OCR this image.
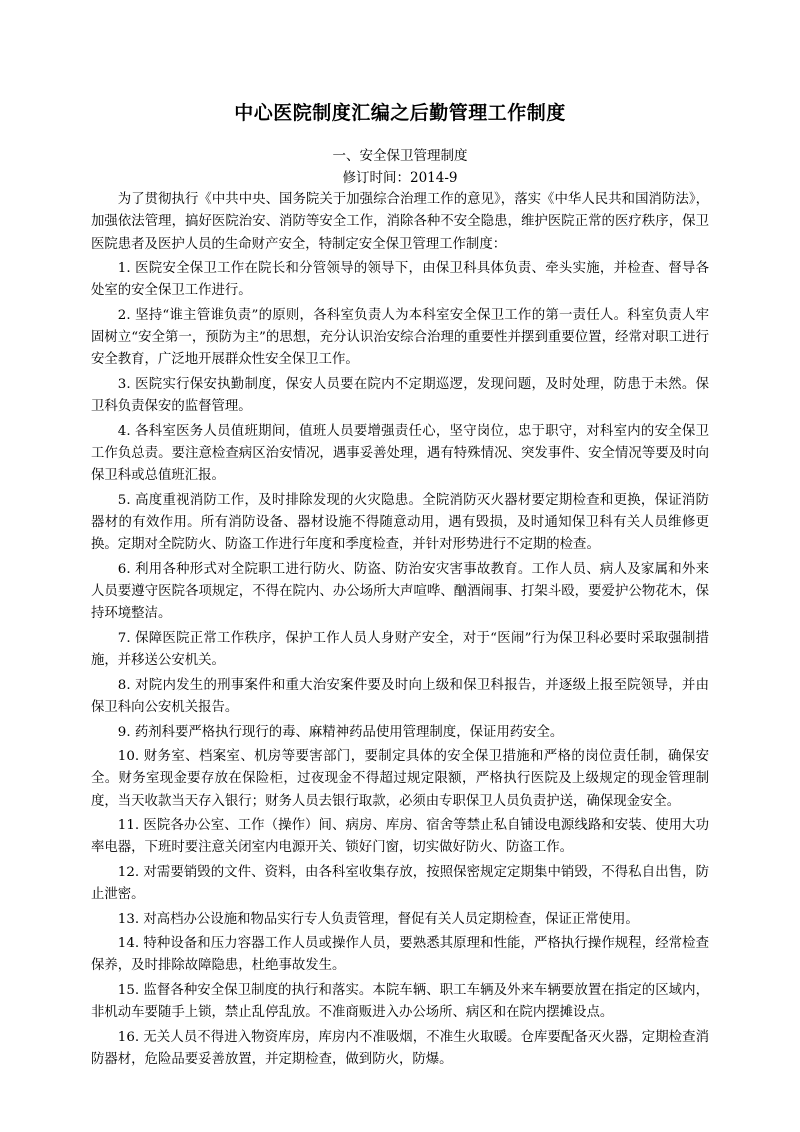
中心医院制度汇编之后勤管理工作制度
一、安全保卫管理制度
修订时间：2014-9

为了贯彻执行《中共中央、国务院关于加强综合治理工作的意见》，落实《中华人民共和国消防法》，加强依法管理，搞好医院治安、消防等安全工作，消除各种不安全隐患，维护医院正常的医疗秩序，保卫医院患者及医护人员的生命财产安全，特制定安全保卫管理工作制度：

1. 医院安全保卫工作在院长和分管领导的领导下，由保卫科具体负责、牵头实施，并检查、督导各处室的安全保卫工作进行。

2. 坚持“谁主管谁负责”的原则，各科室负责人为本科室安全保卫工作的第一责任人。科室负责人牢固树立“安全第一，预防为主”的思想，充分认识治安综合治理的重要性并摆到重要位置，经常对职工进行安全教育，广泛地开展群众性安全保卫工作。

3. 医院实行保安执勤制度，保安人员要在院内不定期巡逻，发现问题，及时处理，防患于未然。保卫科负责保安的监督管理。

4. 各科室医务人员值班期间，值班人员要增强责任心，坚守岗位，忠于职守，对科室内的安全保卫工作负总责。要注意检查病区治安情况，遇事妥善处理，遇有特殊情况、突发事件、安全情况等要及时向保卫科或总值班汇报。

5. 高度重视消防工作，及时排除发现的火灾隐患。全院消防灭火器材要定期检查和更换，保证消防器材的有效作用。所有消防设备、器材设施不得随意动用，遇有毁损，及时通知保卫科有关人员维修更换。定期对全院防火、防盗工作进行年度和季度检查，并针对形势进行不定期的检查。

6. 利用各种形式对全院职工进行防火、防盗、防治安灾害事故教育。工作人员、病人及家属和外来人员要遵守医院各项规定，不得在院内、办公场所大声喧哗、酗酒闹事、打架斗殴，要爱护公物花木，保持环境整洁。

7. 保障医院正常工作秩序，保护工作人员人身财产安全，对于“医闹”行为保卫科必要时采取强制措施，并移送公安机关。

8. 对院内发生的刑事案件和重大治安案件要及时向上级和保卫科报告，并逐级上报至院领导，并由保卫科向公安机关报告。

9. 药剂科要严格执行现行的毒、麻精神药品使用管理制度，保证用药安全。

10. 财务室、档案室、机房等要害部门，要制定具体的安全保卫措施和严格的岗位责任制，确保安全。财务室现金要存放在保险柜，过夜现金不得超过规定限额，严格执行医院及上级规定的现金管理制度，当天收款当天存入银行；财务人员去银行取款，必须由专职保卫人员负责护送，确保现金安全。

11. 医院各办公室、工作（操作）间、病房、库房、宿舍等禁止私自铺设电源线路和安装、使用大功率电器，下班时要注意关闭室内电源开关、锁好门窗，切实做好防火、防盗工作。

12. 对需要销毁的文件、资料，由各科室收集存放，按照保密规定定期集中销毁，不得私自出售，防止泄密。

13. 对高档办公设施和物品实行专人负责管理，督促有关人员定期检查，保证正常使用。

14. 特种设备和压力容器工作人员或操作人员，要熟悉其原理和性能，严格执行操作规程，经常检查保养，及时排除故障隐患，杜绝事故发生。

15. 监督各种安全保卫制度的执行和落实。本院车辆、职工车辆及外来车辆要放置在指定的区域内，非机动车要随手上锁，禁止乱停乱放。不准商贩进入办公场所、病区和在院内摆摊设点。

16. 无关人员不得进入物资库房，库房内不准吸烟，不准生火取暖。仓库要配备灭火器，定期检查消防器材，危险品要妥善放置，并定期检查，做到防火，防爆。
